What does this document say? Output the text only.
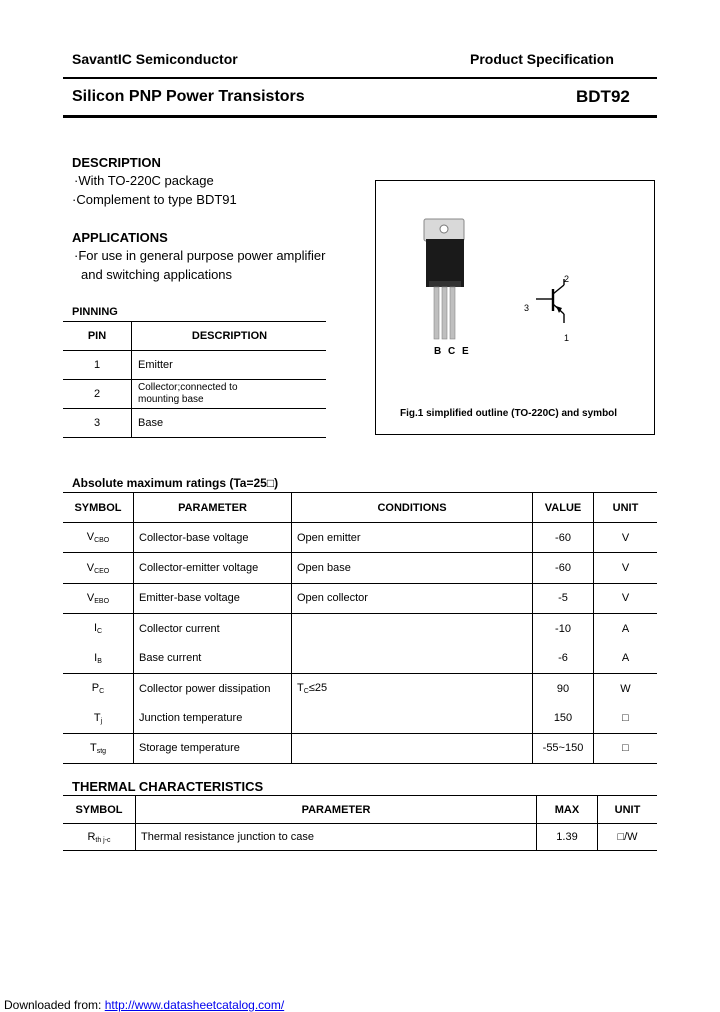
SavantIC Semiconductor	Product Specification
Silicon PNP Power Transistors	BDT92
DESCRIPTION
·With TO-220C package
·Complement to type BDT91
APPLICATIONS
·For use in general purpose power amplifier
and switching applications
PINNING
PIN	DESCRIPTION
1	Emitter
2	Collector;connected to
mounting base

3	Base
B C E
2
3
1
Fig.1 simplified outline (TO-220C) and symbol
Absolute maximum ratings (Ta=25□)
SYMBOL	PARAMETER	CONDITIONS	VALUE	UNIT
$V_{CBO}$	Collector-base voltage	Open emitter	-60	V
$V_{CEO}$	Collector-emitter voltage	Open base	-60	V
$V_{EBO}$	Emitter-base voltage	Open collector	-5	V
$I_C$	Collector current		-10	A
$I_B$	Base current		-6	A
$P_C$	Collector power dissipation	$T_C\le 25$	90	W
$T_j$	Junction temperature		150	□
$T_{stg}$	Storage temperature		-55~150	□
THERMAL CHARACTERISTICS
SYMBOL	PARAMETER	MAX	UNIT
$R_{th j-c}$	Thermal resistance junction to case	1.39	□/W
Downloaded from: http://www.datasheetcatalog.com/
